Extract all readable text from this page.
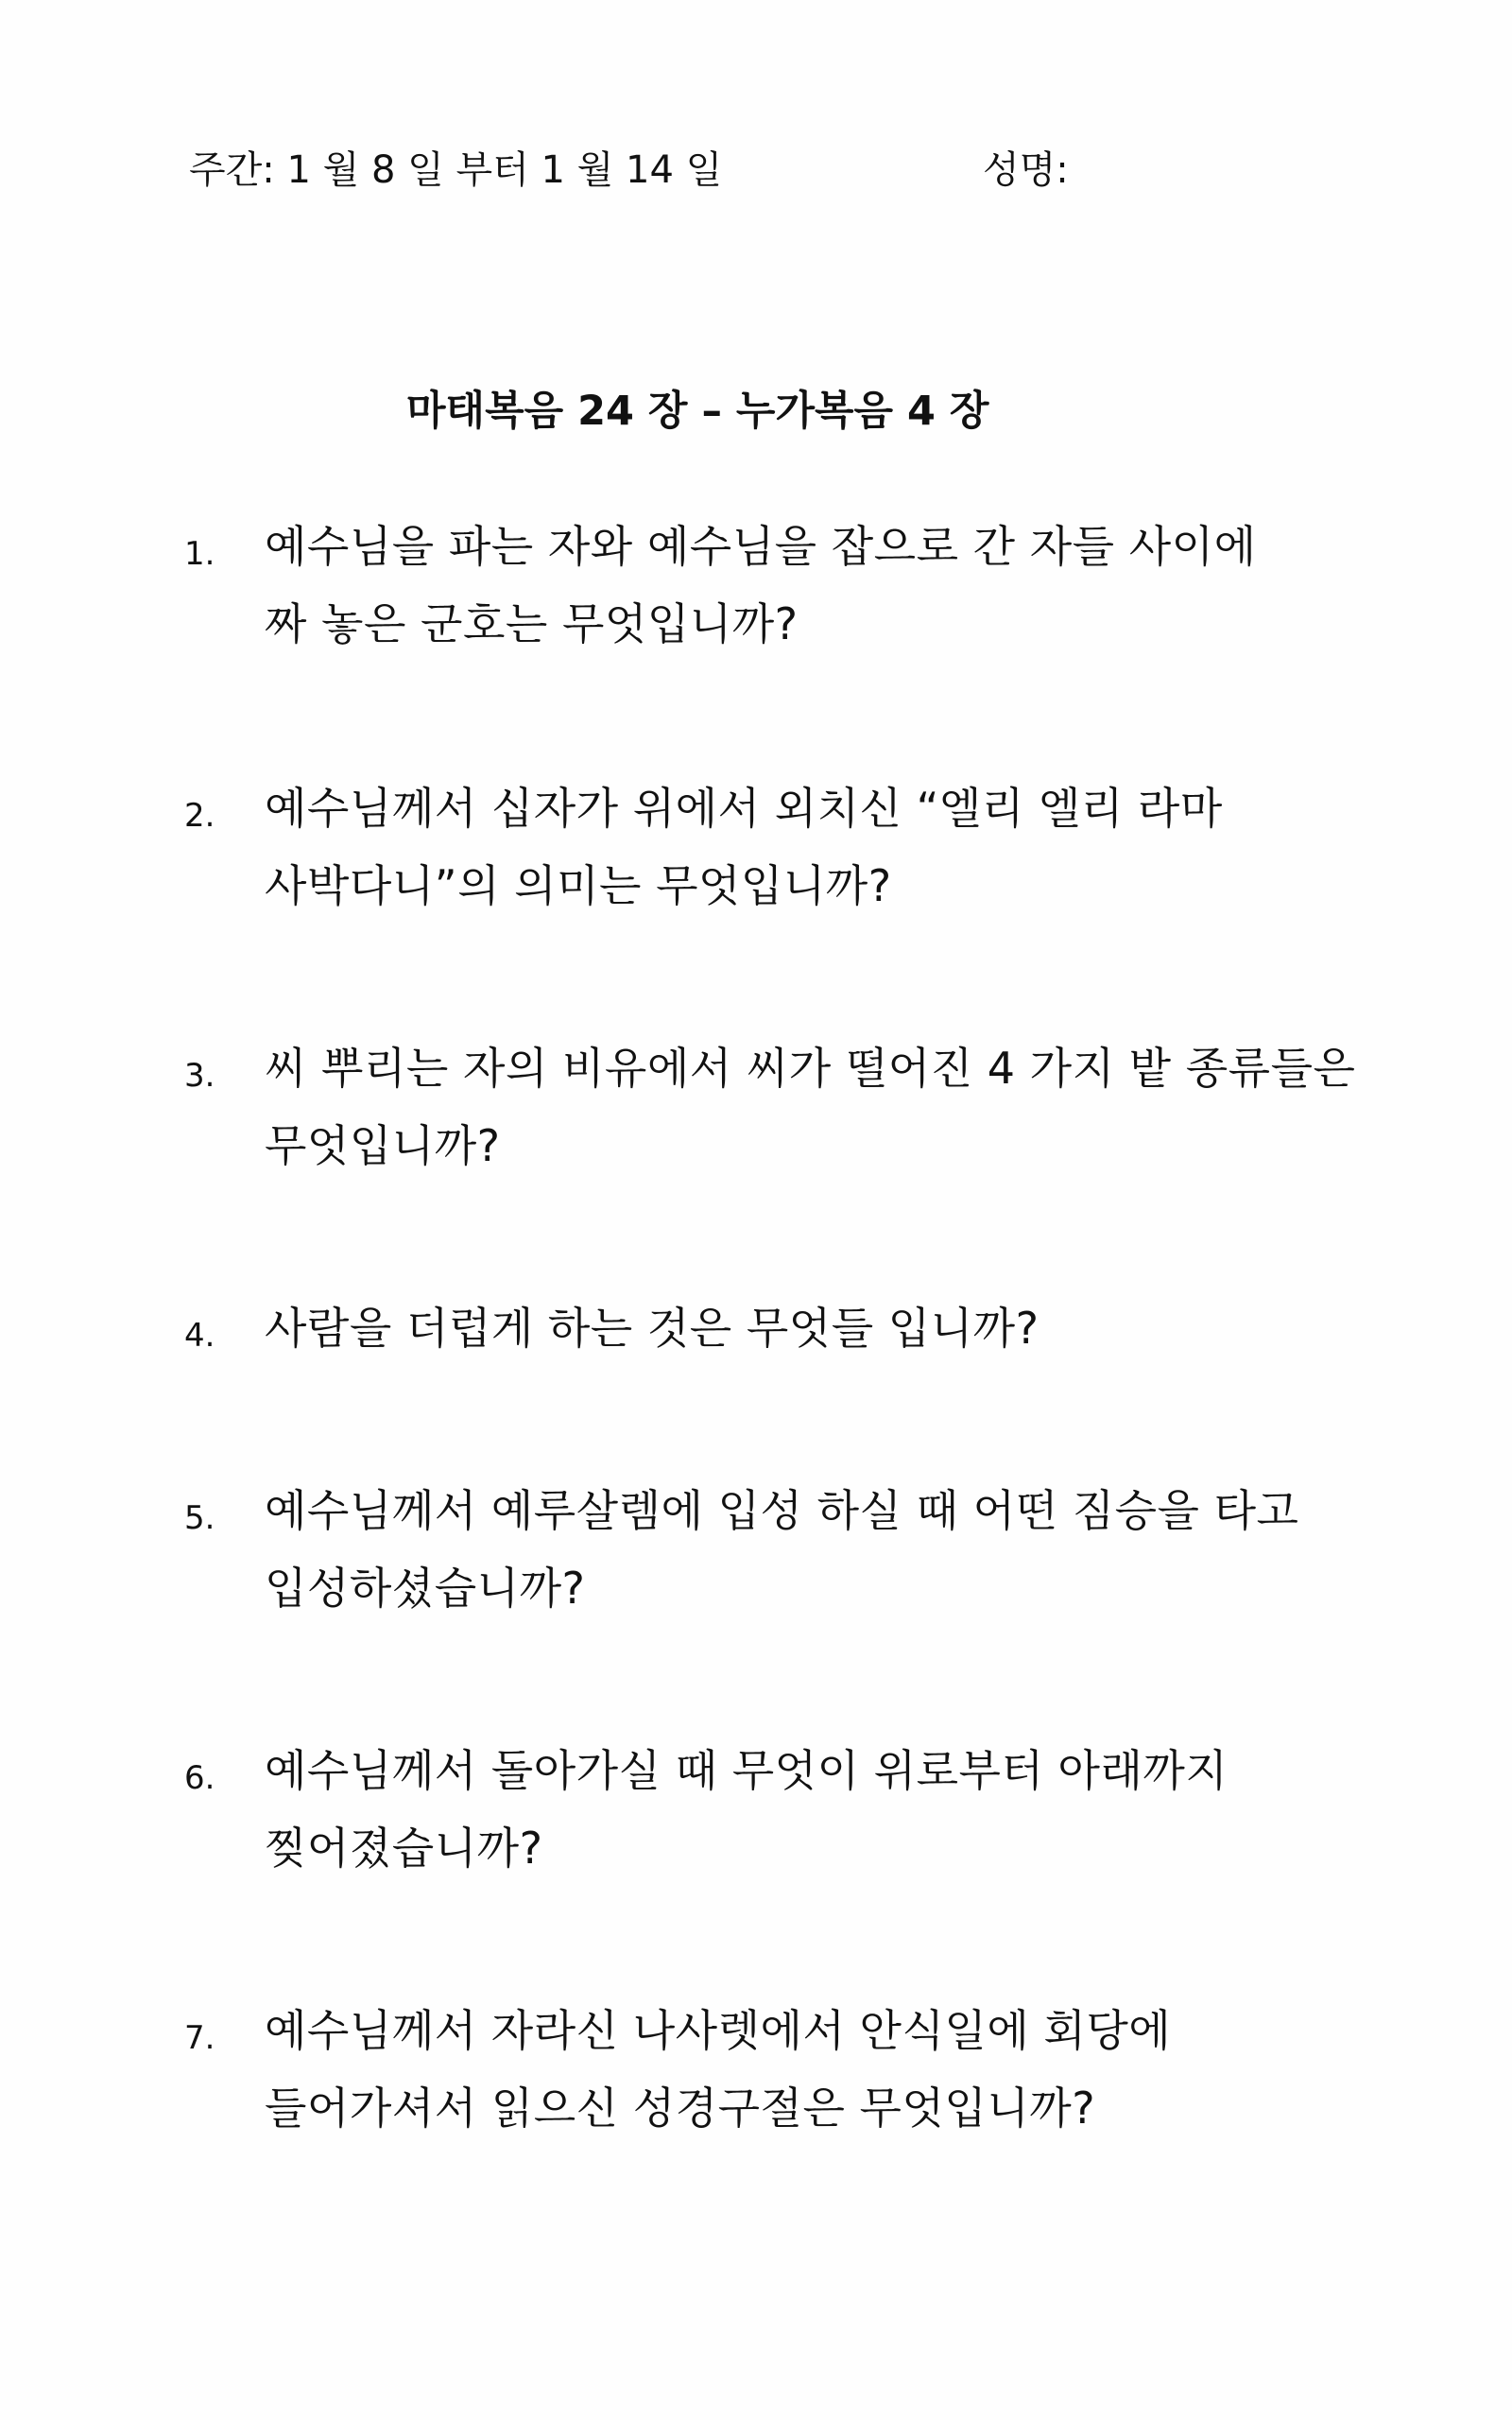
주간: 1 월 8 일 부터 1 월 14 일	성명:
마태복음 24 장 – 누가복음 4 장
1.	예수님을 파는 자와 예수님을 잡으로 간 자들 사이에
짜 놓은 군호는 무엇입니까?
2.	예수님께서 십자가 위에서 외치신 “엘리 엘리 라마
사박다니”의 의미는 무엇입니까?
3.	씨 뿌리는 자의 비유에서 씨가 떨어진 4 가지 밭 종류들은
무엇입니까?
4.	사람을 더럽게 하는 것은 무엇들 입니까?
5.	예수님께서 예루살렘에 입성 하실 때 어떤 짐승을 타고
입성하셨습니까?
6.	예수님께서 돌아가실 때 무엇이 위로부터 아래까지
찢어졌습니까?
7.	예수님께서 자라신 나사렛에서 안식일에 회당에
들어가셔서 읽으신 성경구절은 무엇입니까?
